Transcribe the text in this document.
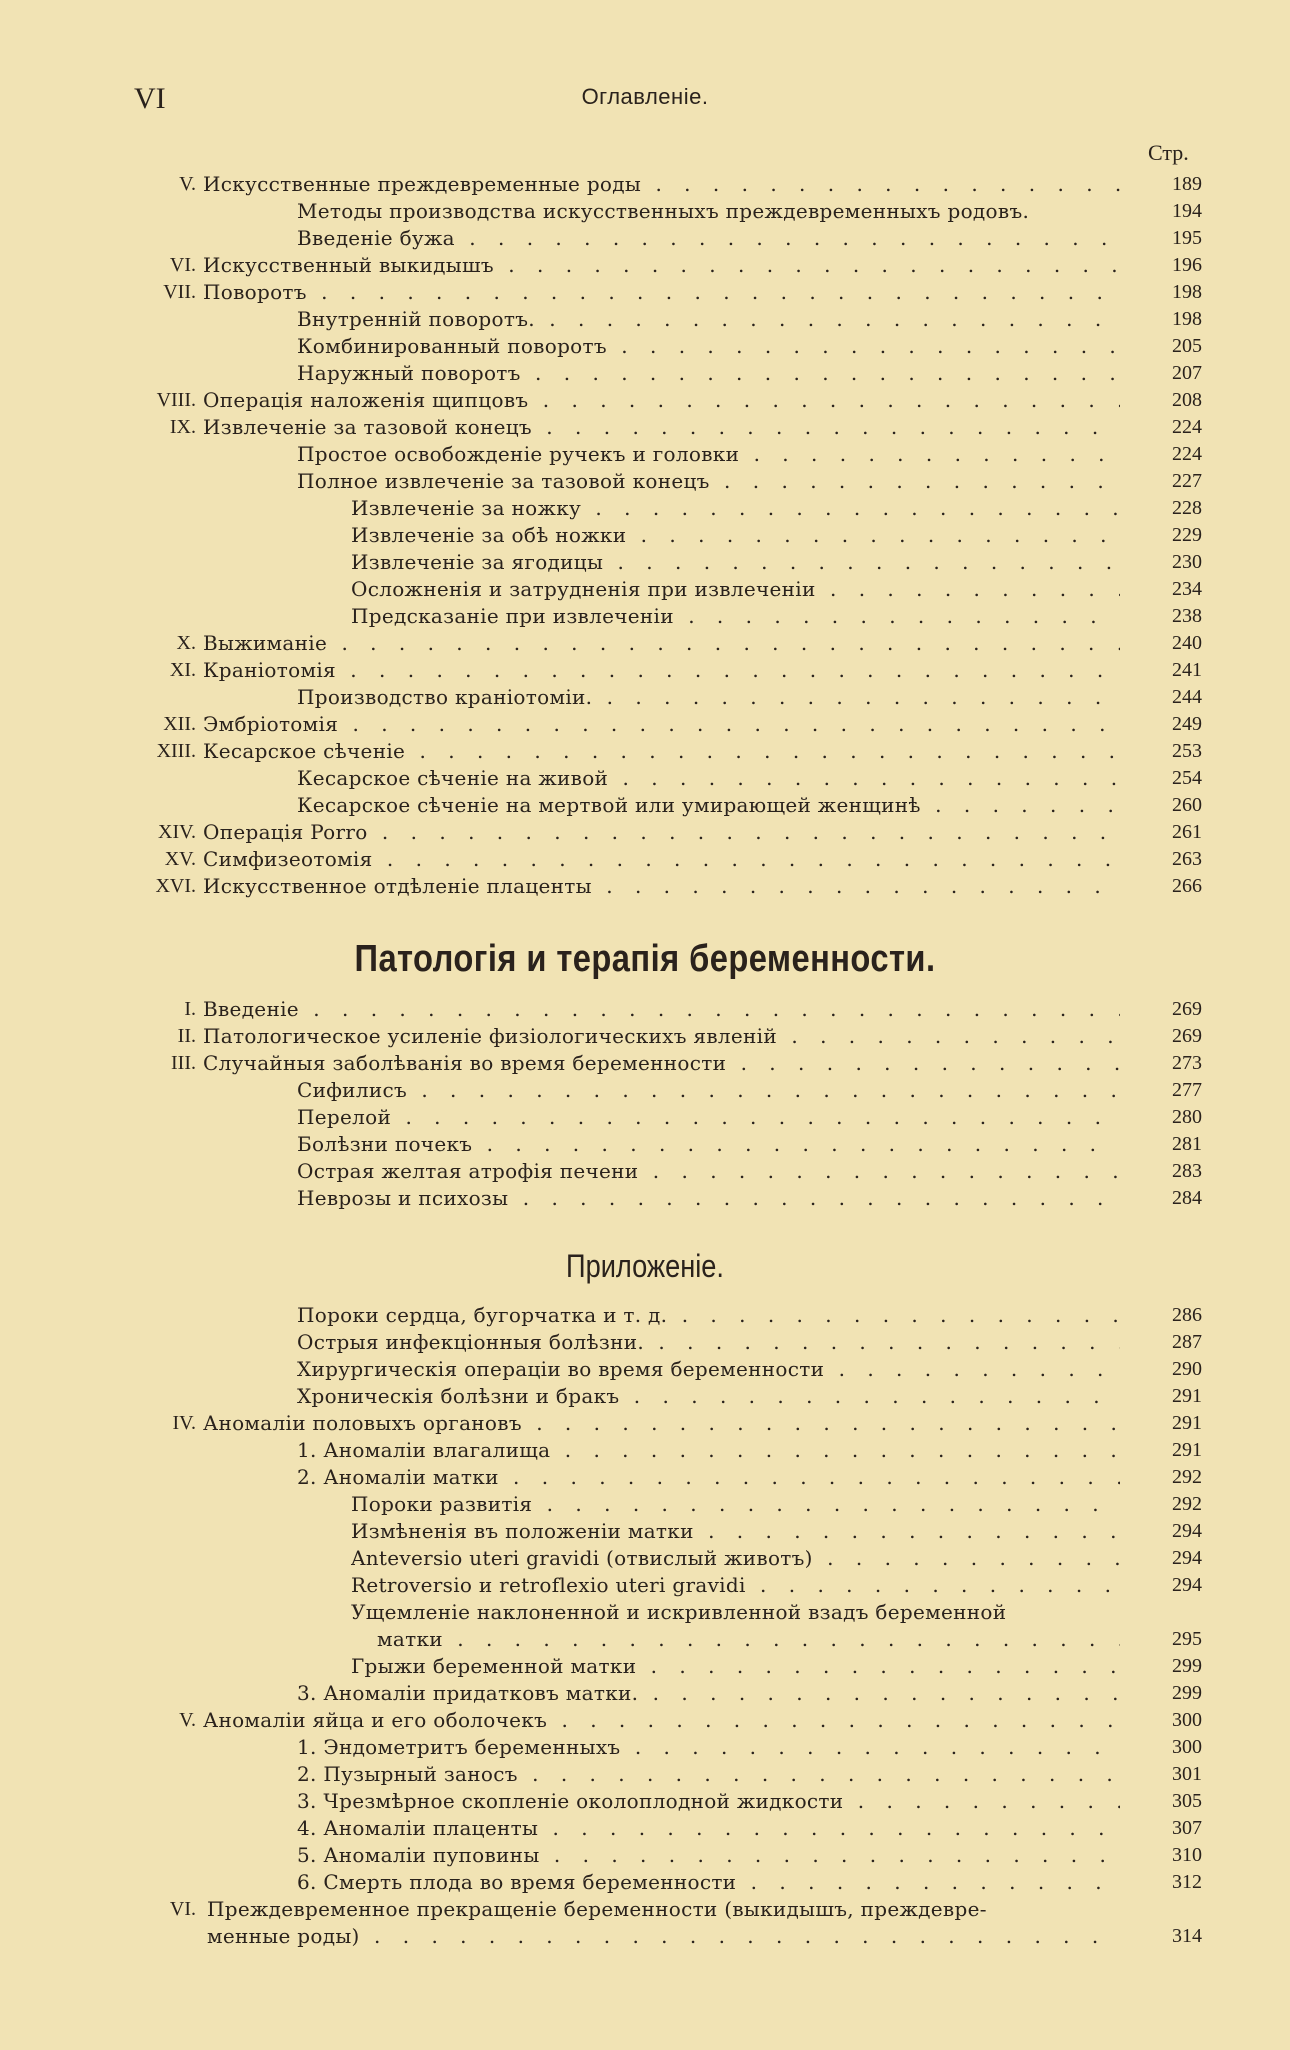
VI	Оглавленіе.
Стр.
Патологія и терапія беременности.
Приложеніе.
V. Искусственные преждевременные роды . . .	189
Методы производства искусственныхъ преждевременныхъ родовъ.	194
Введеніе бужа . . .	195
VI. Искусственный выкидышъ . . .	196
VII. Поворотъ . . .	198
Внутренній поворотъ. . . .	198
Комбинированный поворотъ . . .	205
Наружный поворотъ . . .	207
VIII. Операція наложенія щипцовъ . . .	208
IX. Извлеченіе за тазовой конецъ . . .	224
Простое освобожденіе ручекъ и головки . . .	224
Полное извлеченіе за тазовой конецъ . . .	227
Извлеченіе за ножку . . .	228
Извлеченіе за обѣ ножки . . .	229
Извлеченіе за ягодицы . . .	230
Осложненія и затрудненія при извлеченіи . . .	234
Предсказаніе при извлеченіи . . .	238
X. Выжиманіе . . .	240
XI. Краніотомія . . .	241
Производство краніотоміи. . . .	244
XII. Эмбріотомія . . .	249
XIII. Кесарское сѣченіе . . .	253
Кесарское сѣченіе на живой . . .	254
Кесарское сѣченіе на мертвой или умирающей женщинѣ . . .	260
XIV. Операція Porro . . .	261
XV. Симфизеотомія . . .	263
XVI. Искусственное отдѣленіе плаценты . . .	266
I. Введеніе . . .	269
II. Патологическое усиленіе физіологическихъ явленій . . .	269
III. Случайныя заболѣванія во время беременности . . .	273
Сифилисъ . . .	277
Перелой . . .	280
Болѣзни почекъ . . .	281
Острая желтая атрофія печени . . .	283
Неврозы и психозы . . .	284
Пороки сердца, бугорчатка и т. д. . . .	286
Острыя инфекціонныя болѣзни. . . .	287
Хирургическія операціи во время беременности . . .	290
Хроническія болѣзни и бракъ . . .	291
IV. Аномаліи половыхъ органовъ . . .	291
1. Аномаліи влагалища . . .	291
2. Аномаліи матки . . .	292
Пороки развитія . . .	292
Измѣненія въ положеніи матки . . .	294
Anteversio uteri gravidi (отвислый животъ) . . .	294
Retroversio и retroflexio uteri gravidi . . .	294
Ущемленіе наклоненной и искривленной взадъ беременной
матки . . .	295
Грыжи беременной матки . . .	299
3. Аномаліи придатковъ матки. . . .	299
V. Аномаліи яйца и его оболочекъ . . .	300
1. Эндометритъ беременныхъ . . .	300
2. Пузырный заносъ . . .	301
3. Чрезмѣрное скопленіе околоплодной жидкости . . .	305
4. Аномаліи плаценты . . .	307
5. Аномаліи пуповины . . .	310
6. Смерть плода во время беременности . . .	312
VI. Преждевременное прекращеніе беременности (выкидышъ, преждевре-
менные роды) . . .	314
